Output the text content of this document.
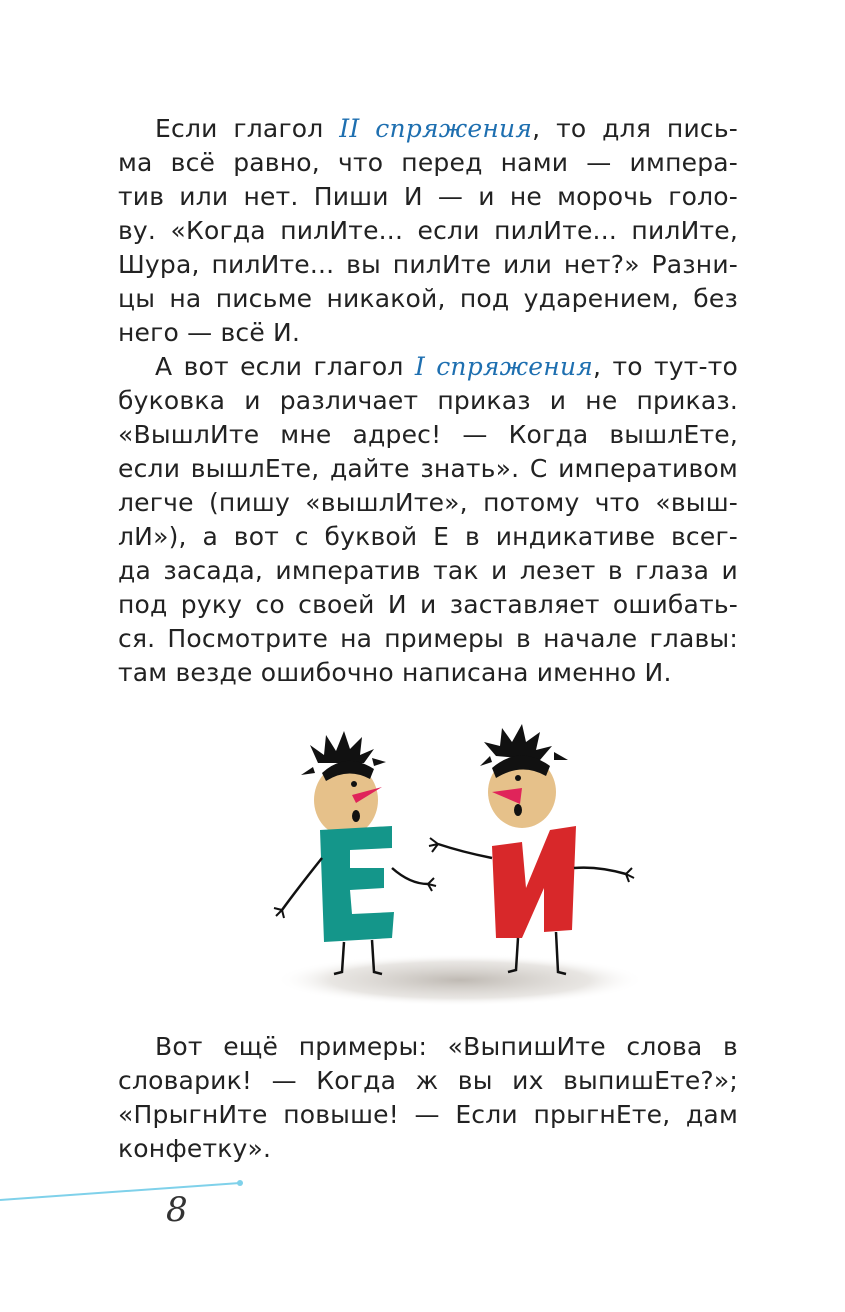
Если глагол II спряжения, то для пись-
ма всё равно, что перед нами — импера-
тив или нет. Пиши И — и не морочь голо-
ву. «Когда пилИте... если пилИте... пилИте,
Шура, пилИте... вы пилИте или нет?» Разни-
цы на письме никакой, под ударением, без
него — всё И.

А вот если глагол I спряжения, то тут-то
буковка и различает приказ и не приказ.
«ВышлИте мне адрес! — Когда вышлЕте,
если вышлЕте, дайте знать». С императивом
легче (пишу «вышлИте», потому что «выш-
лИ»), а вот с буквой Е в индикативе всег-
да засада, императив так и лезет в глаза и
под руку со своей И и заставляет ошибать-
ся. Посмотрите на примеры в начале главы:
там везде ошибочно написана именно И.

Вот ещё примеры: «ВыпишИте слова в
словарик! — Когда ж вы их выпишЕте?»;
«ПрыгнИте повыше! — Если прыгнЕте, дам
конфетку».

8
